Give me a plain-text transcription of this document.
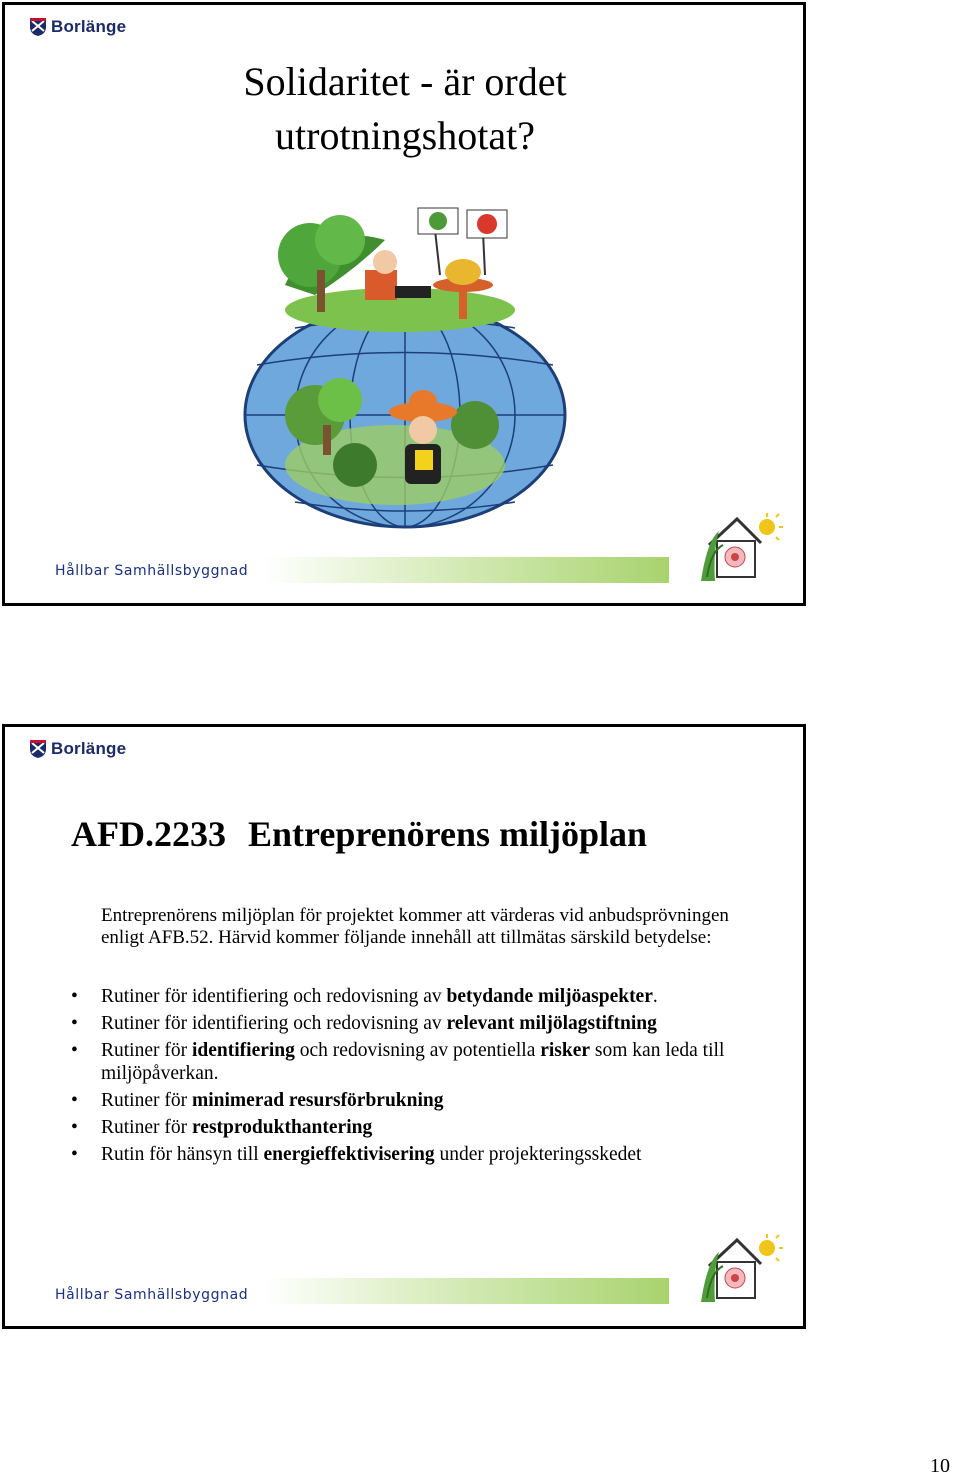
Borlänge
Solidaritet - är ordet
utrotningshotat?
Hållbar Samhällsbyggnad
Borlänge
AFD.2233 Entreprenörens miljöplan
Entreprenörens miljöplan för projektet kommer att värderas vid anbudsprövningen enligt AFB.52. Härvid kommer följande innehåll att tillmätas särskild betydelse:
• Rutiner för identifiering och redovisning av betydande miljöaspekter.
• Rutiner för identifiering och redovisning av relevant miljölagstiftning
• Rutiner för identifiering och redovisning av potentiella risker som kan leda till miljöpåverkan.
• Rutiner för minimerad resursförbrukning
• Rutiner för restprodukthantering
• Rutin för hänsyn till energieffektivisering under projekteringsskedet
Hållbar Samhällsbyggnad
10
